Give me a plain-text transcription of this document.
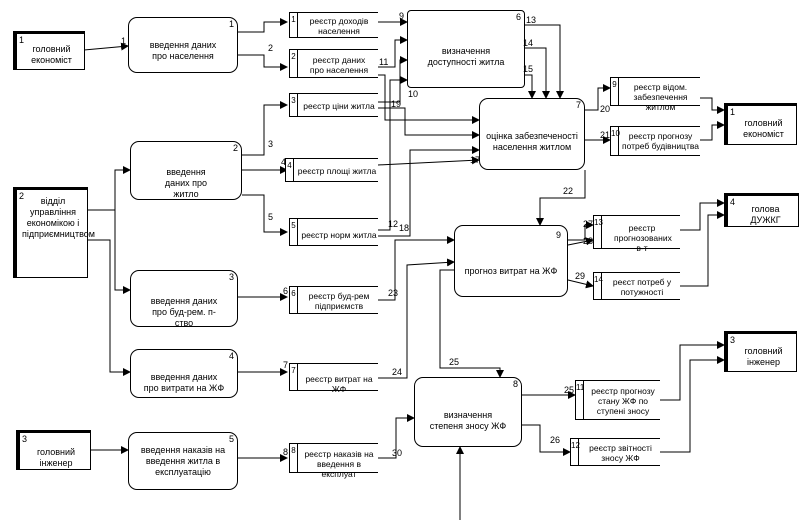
1
головний економіст
2	відділ управління економікою і підприємництвом
3
головний інженер
1
головний економіст
4
голова ДУЖКГ
3
головний інженер
1
введення даних про населення
2
введення даних про житло
3
введення даних про буд-рем. п-ство
4
введення даних про витрати на ЖФ
5
введення наказів на введення житла в експлуатацію
6
визначення доступності житла
7
оцінка забезпеченості населення житлом
9
прогноз витрат на ЖФ
8
визначення степеня зносу ЖФ
1	реєстр доходів населення
2	реєстр даних про населення
3
реєстр ціни житла
4
реєстр площі житла
5
реєстр норм житла
6	реєстр буд-рем підприємств
7
реєстр витрат на ЖФ
8	реєстр наказів на введення в експлуат
9	реєстр відом. забезпечення житлом
10	реєстр прогнозу потреб будівництва
13
реєстр прогнозованих в-т
14	реєст потреб у потужності
11 реєстр прогнозу стану ЖФ по ступені зносу
12	реєстр звітності зносу ЖФ
1
2
3
4
5
6
7
8
9
10
11
12
13
14
15
17
18
19	20
21
22
23
24
25
25
26
27
28
29
30
